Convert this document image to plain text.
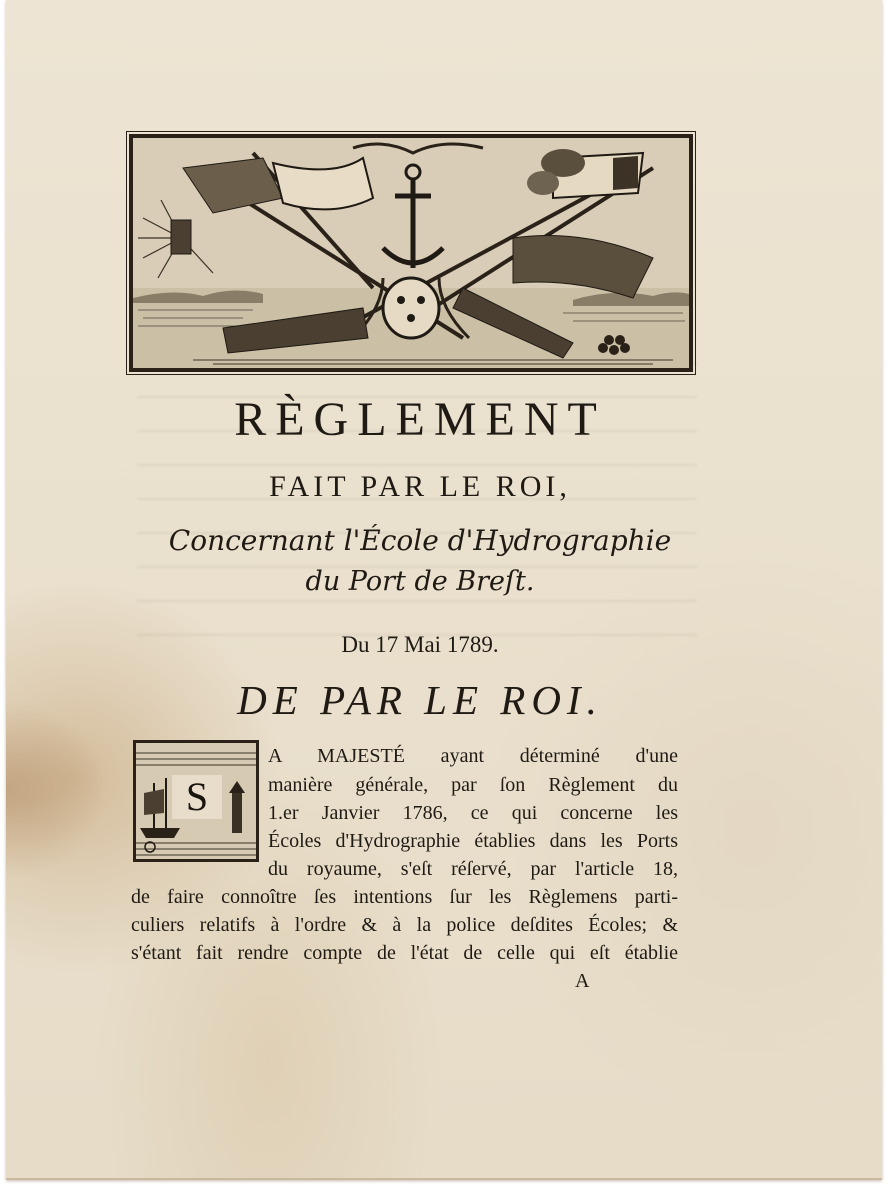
RÈGLEMENT
FAIT PAR LE ROI,
Concernant l'École d'Hydrographie
du Port de Breſt.
Du 17 Mai 1789.
DE PAR LE ROI.
S
A MAJESTÉ ayant déterminé d'une
manière générale, par ſon Règlement du
1.er Janvier 1786, ce qui concerne les
Écoles d'Hydrographie établies dans les Ports
du royaume, s'eſt réſervé, par l'article 18,
de faire connoître ſes intentions ſur les Règlemens parti-
culiers relatifs à l'ordre & à la police deſdites Écoles; &
s'étant fait rendre compte de l'état de celle qui eſt établie
A
